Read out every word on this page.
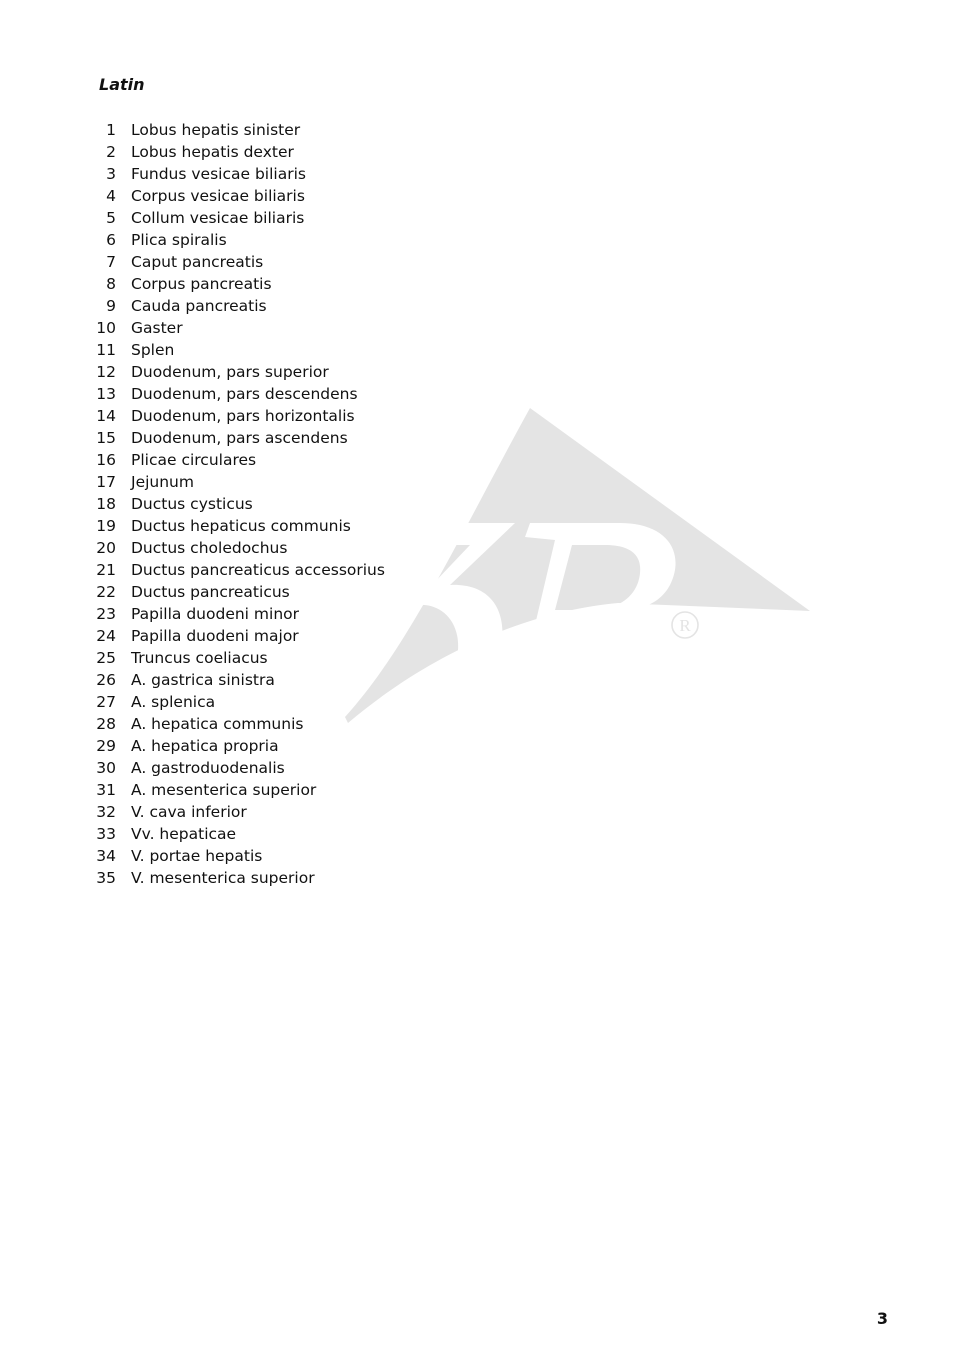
R
Latin
1 Lobus hepatis sinister
2 Lobus hepatis dexter
3 Fundus vesicae biliaris
4 Corpus vesicae biliaris
5 Collum vesicae biliaris
6 Plica spiralis
7 Caput pancreatis
8 Corpus pancreatis
9 Cauda pancreatis
10 Gaster
11 Splen
12 Duodenum, pars superior
13 Duodenum, pars descendens
14 Duodenum, pars horizontalis
15 Duodenum, pars ascendens
16 Plicae circulares
17 Jejunum
18 Ductus cysticus
19 Ductus hepaticus communis
20 Ductus choledochus
21 Ductus pancreaticus accessorius
22 Ductus pancreaticus
23 Papilla duodeni minor
24 Papilla duodeni major
25 Truncus coeliacus
26 A. gastrica sinistra
27 A. splenica
28 A. hepatica communis
29 A. hepatica propria
30 A. gastroduodenalis
31 A. mesenterica superior
32 V. cava inferior
33 Vv. hepaticae
34 V. portae hepatis
35 V. mesenterica superior
3
